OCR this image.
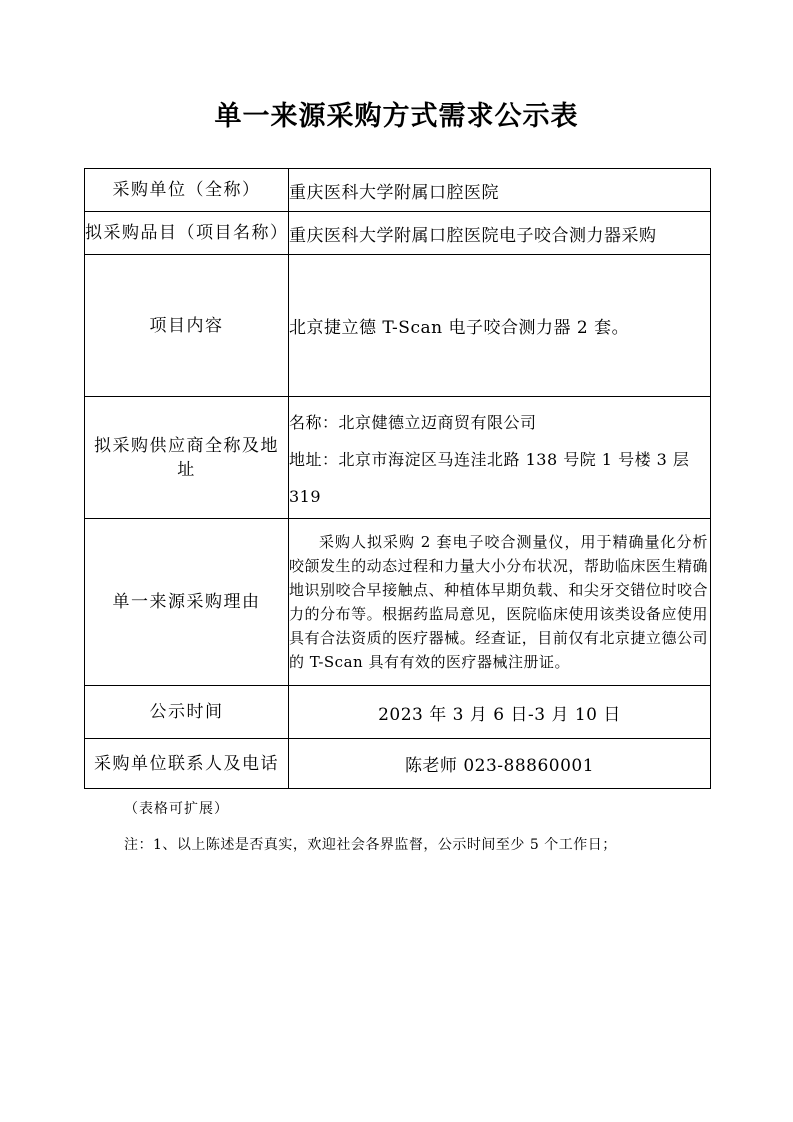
单一来源采购方式需求公示表
采购单位（全称）	重庆医科大学附属口腔医院
拟采购品目（项目名称）	重庆医科大学附属口腔医院电子咬合测力器采购
项目内容	北京捷立德 T-Scan 电子咬合测力器 2 套。
拟采购供应商全称及地址	名称：北京健德立迈商贸有限公司
地址：北京市海淀区马连洼北路 138 号院 1 号楼 3 层 319

单一来源采购理由	采购人拟采购 2 套电子咬合测量仪，用于精确量化分析咬颌发生的动态过程和力量大小分布状况，帮助临床医生精确地识别咬合早接触点、种植体早期负载、和尖牙交错位时咬合力的分布等。根据药监局意见，医院临床使用该类设备应使用具有合法资质的医疗器械。经查证，目前仅有北京捷立德公司的 T-Scan 具有有效的医疗器械注册证。

公示时间	2023 年 3 月 6 日-3 月 10 日
采购单位联系人及电话	陈老师 023-88860001
（表格可扩展）
注：1、以上陈述是否真实，欢迎社会各界监督，公示时间至少 5 个工作日；
